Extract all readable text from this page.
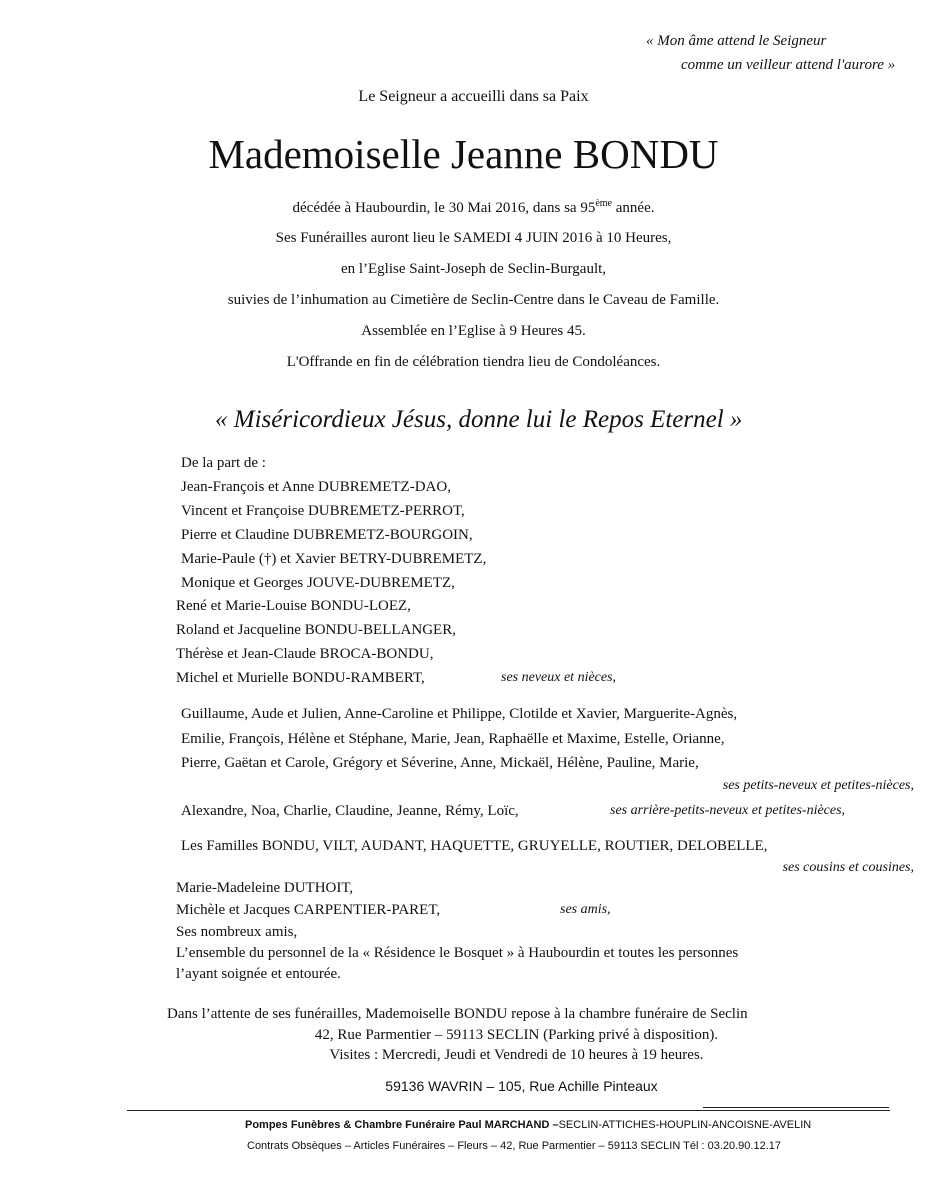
« Mon âme attend le Seigneur
comme un veilleur attend l'aurore »
Le Seigneur a accueilli dans sa Paix
Mademoiselle Jeanne BONDU
décédée à Haubourdin, le 30 Mai 2016, dans sa 95ème année.
Ses Funérailles auront lieu le SAMEDI 4 JUIN 2016 à 10 Heures,
en l’Eglise Saint-Joseph de Seclin-Burgault,
suivies de l’inhumation au Cimetière de Seclin-Centre dans le Caveau de Famille.
Assemblée en l’Eglise à 9 Heures 45.
L'Offrande en fin de célébration tiendra lieu de Condoléances.
« Miséricordieux Jésus, donne lui le Repos Eternel »
De la part de :
Jean-François et Anne DUBREMETZ-DAO,
Vincent et Françoise DUBREMETZ-PERROT,
Pierre et Claudine DUBREMETZ-BOURGOIN,
Marie-Paule (†) et Xavier BETRY-DUBREMETZ,
Monique et Georges JOUVE-DUBREMETZ,
René et Marie-Louise BONDU-LOEZ,
Roland et Jacqueline BONDU-BELLANGER,
Thérèse et Jean-Claude BROCA-BONDU,
Michel et Murielle BONDU-RAMBERT,	ses neveux et nièces,
Guillaume, Aude et Julien, Anne-Caroline et Philippe, Clotilde et Xavier, Marguerite-Agnès,
Emilie, François, Hélène et Stéphane, Marie, Jean, Raphaëlle et Maxime, Estelle, Orianne,
Pierre, Gaëtan et Carole, Grégory et Séverine, Anne, Mickaël, Hélène, Pauline, Marie,
ses petits-neveux et petites-nièces,
Alexandre, Noa, Charlie, Claudine, Jeanne, Rémy, Loïc,	ses arrière-petits-neveux et petites-nièces,
Les Familles BONDU, VILT, AUDANT, HAQUETTE, GRUYELLE, ROUTIER, DELOBELLE,
ses cousins et cousines,
Marie-Madeleine DUTHOIT,
Michèle et Jacques CARPENTIER-PARET,	ses amis,
Ses nombreux amis,
L’ensemble du personnel de la « Résidence le Bosquet » à Haubourdin et toutes les personnes
l’ayant soignée et entourée.
Dans l’attente de ses funérailles, Mademoiselle BONDU repose à la chambre funéraire de Seclin
42, Rue Parmentier – 59113 SECLIN (Parking privé à disposition).
Visites : Mercredi, Jeudi et Vendredi de 10 heures à 19 heures.
59136 WAVRIN – 105, Rue Achille Pinteaux
Pompes Funèbres & Chambre Funéraire Paul MARCHAND –SECLIN-ATTICHES-HOUPLIN-ANCOISNE-AVELIN
Contrats Obsèques – Articles Funéraires – Fleurs – 42, Rue Parmentier – 59113 SECLIN Tél : 03.20.90.12.17
